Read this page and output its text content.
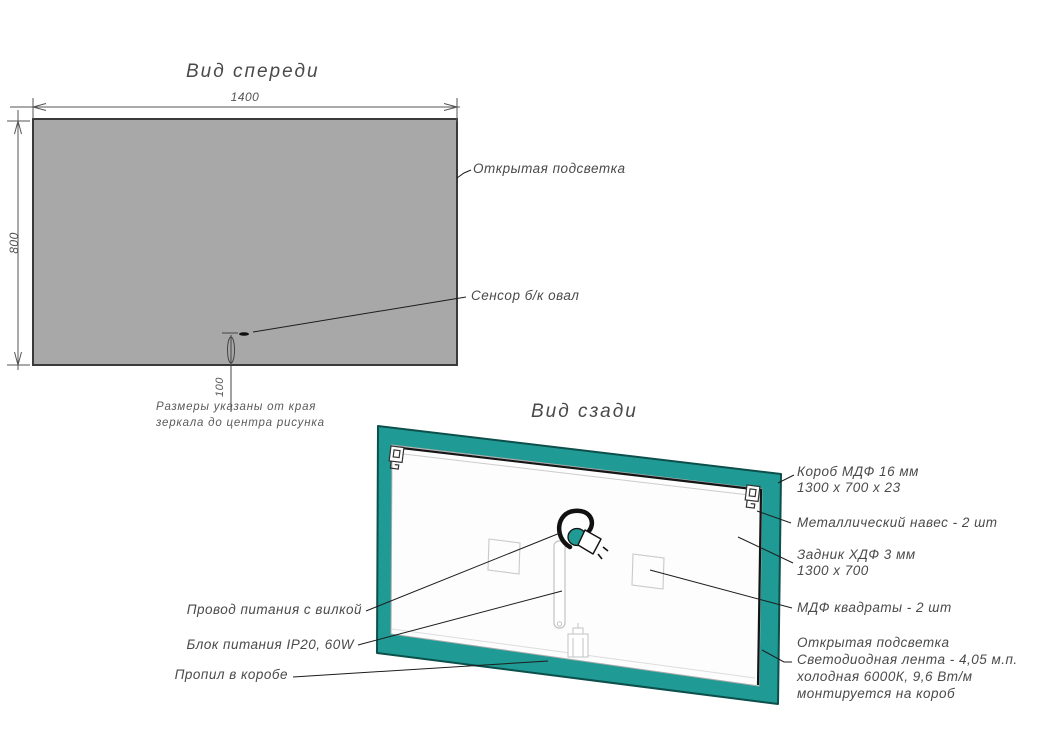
Вид спереди
1400
800
100
Открытая подсветка
Сенсор б/к овал
Размеры указаны от края
зеркала до центра рисунка
Вид сзади
Короб МДФ 16 мм
1300 х 700 х 23
Металлический навес - 2 шт
Задник ХДФ 3 мм
1300 х 700
МДФ квадраты - 2 шт
Открытая подсветка
Светодиодная лента - 4,05 м.п.
холодная 6000К, 9,6 Вт/м
монтируется на короб
Провод питания с вилкой
Блок питания IP20, 60W
Пропил в коробе
